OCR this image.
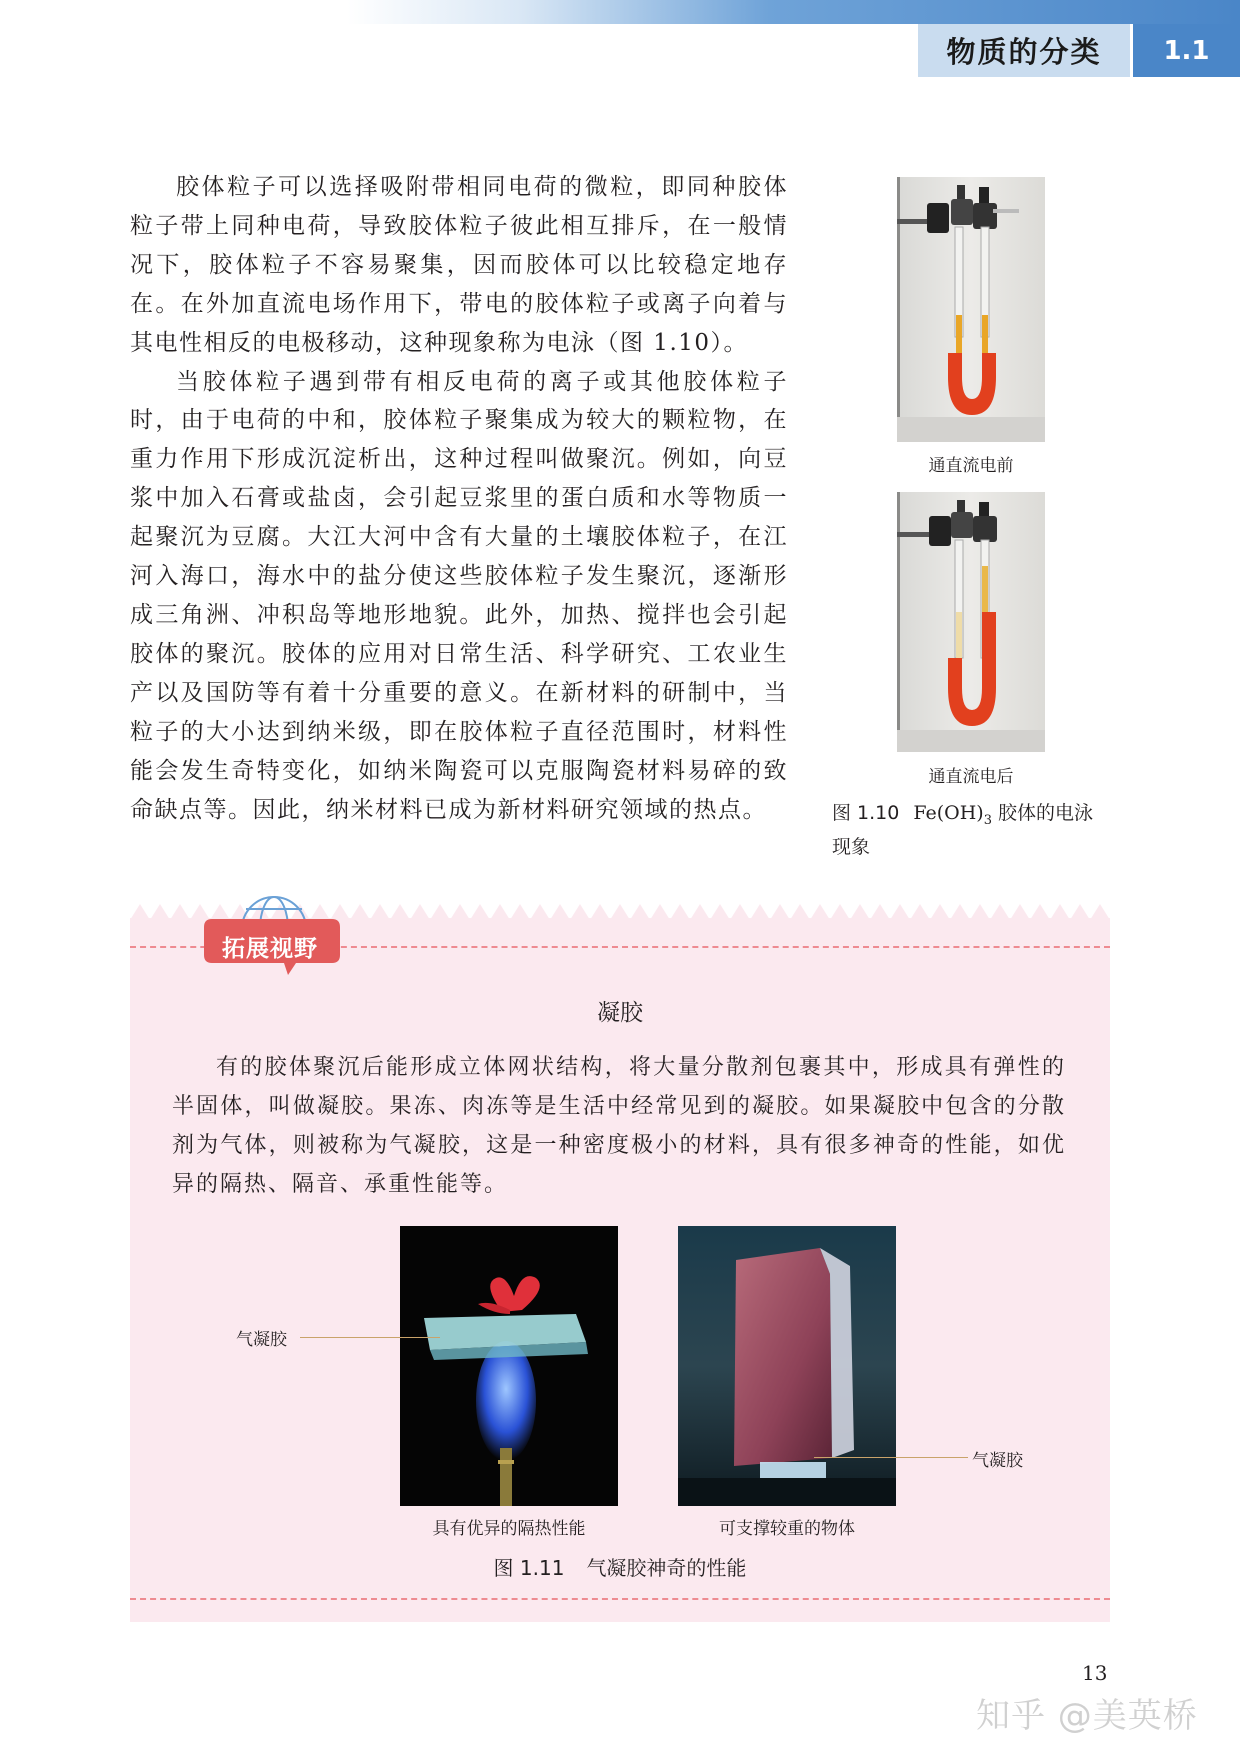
物质的分类	1.1

胶体粒子可以选择吸附带相同电荷的微粒，即同种胶体粒子带上同种电荷，导致胶体粒子彼此相互排斥，在一般情况下，胶体粒子不容易聚集，因而胶体可以比较稳定地存在。在外加直流电场作用下，带电的胶体粒子或离子向着与其电性相反的电极移动，这种现象称为电泳（图 1.10）。

当胶体粒子遇到带有相反电荷的离子或其他胶体粒子时，由于电荷的中和，胶体粒子聚集成为较大的颗粒物，在重力作用下形成沉淀析出，这种过程叫做聚沉。例如，向豆浆中加入石膏或盐卤，会引起豆浆里的蛋白质和水等物质一起聚沉为豆腐。大江大河中含有大量的土壤胶体粒子，在江河入海口，海水中的盐分使这些胶体粒子发生聚沉，逐渐形成三角洲、冲积岛等地形地貌。此外，加热、搅拌也会引起胶体的聚沉。胶体的应用对日常生活、科学研究、工农业生产以及国防等有着十分重要的意义。在新材料的研制中，当粒子的大小达到纳米级，即在胶体粒子直径范围时，材料性能会发生奇特变化，如纳米陶瓷可以克服陶瓷材料易碎的致命缺点等。因此，纳米材料已成为新材料研究领域的热点。

通直流电前
通直流电后
图 1.10 $Fe(OH)_3$ 胶体的电泳现象
拓展视野
凝胶

有的胶体聚沉后能形成立体网状结构，将大量分散剂包裹其中，形成具有弹性的半固体，叫做凝胶。果冻、肉冻等是生活中经常见到的凝胶。如果凝胶中包含的分散剂为气体，则被称为气凝胶，这是一种密度极小的材料，具有很多神奇的性能，如优异的隔热、隔音、承重性能等。

气凝胶
气凝胶
具有优异的隔热性能	可支撑较重的物体
图 1.11 气凝胶神奇的性能
13
知乎 @美英桥
